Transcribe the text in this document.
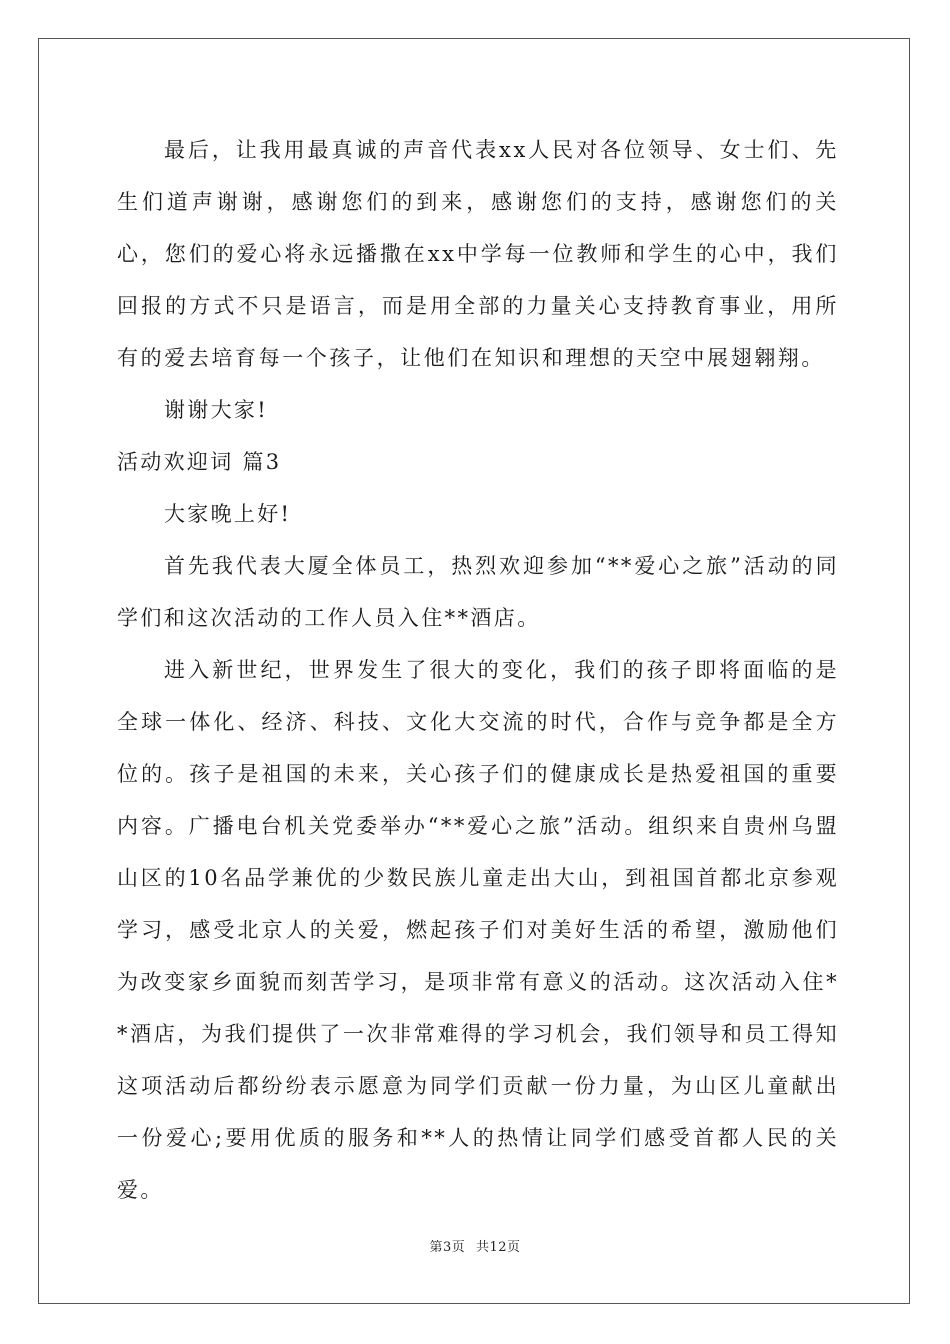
最后，让我用最真诚的声音代表xx人民对各位领导、女士们、先生们道声谢谢，感谢您们的到来，感谢您们的支持，感谢您们的关心，您们的爱心将永远播撒在xx中学每一位教师和学生的心中，我们回报的方式不只是语言，而是用全部的力量关心支持教育事业，用所有的爱去培育每一个孩子，让他们在知识和理想的天空中展翅翱翔。

谢谢大家!

活动欢迎词 篇3

大家晚上好!

首先我代表大厦全体员工，热烈欢迎参加“**爱心之旅”活动的同学们和这次活动的工作人员入住**酒店。

进入新世纪，世界发生了很大的变化，我们的孩子即将面临的是全球一体化、经济、科技、文化大交流的时代，合作与竞争都是全方位的。孩子是祖国的未来，关心孩子们的健康成长是热爱祖国的重要内容。广播电台机关党委举办“**爱心之旅”活动。组织来自贵州乌盟山区的10名品学兼优的少数民族儿童走出大山，到祖国首都北京参观学习，感受北京人的关爱，燃起孩子们对美好生活的希望，激励他们为改变家乡面貌而刻苦学习，是项非常有意义的活动。这次活动入住**酒店，为我们提供了一次非常难得的学习机会，我们领导和员工得知这项活动后都纷纷表示愿意为同学们贡献一份力量，为山区儿童献出一份爱心;要用优质的服务和**人的热情让同学们感受首都人民的关爱。

第3页 共12页
